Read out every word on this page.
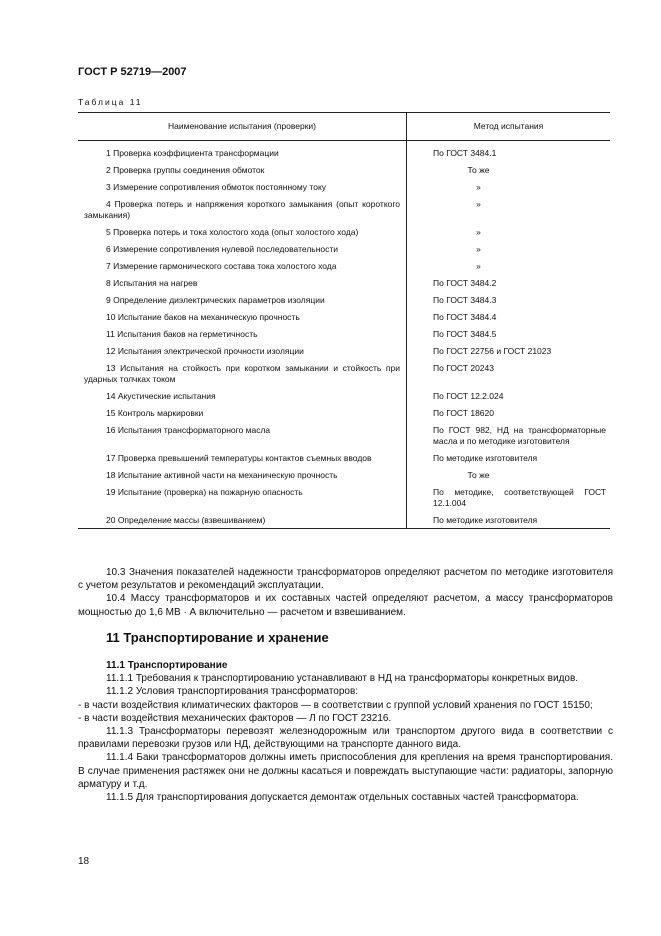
ГОСТ Р 52719—2007
Таблица 11
Наименование испытания (проверки)	Метод испытания
1 Проверка коэффициента трансформации	По ГОСТ 3484.1
2 Проверка группы соединения обмоток	То же
3 Измерение сопротивления обмоток постоянному току	»
4 Проверка потерь и напряжения короткого замыкания (опыт короткого замыкания)	»
5 Проверка потерь и тока холостого хода (опыт холостого хода)	»
6 Измерение сопротивления нулевой последовательности	»
7 Измерение гармонического состава тока холостого хода	»
8 Испытания на нагрев	По ГОСТ 3484.2
9 Определение диэлектрических параметров изоляции	По ГОСТ 3484.3
10 Испытание баков на механическую прочность	По ГОСТ 3484.4
11 Испытания баков на герметичность	По ГОСТ 3484.5
12 Испытания электрической прочности изоляции	По ГОСТ 22756 и ГОСТ 21023
13 Испытания на стойкость при коротком замыкании и стойкость при ударных толчках током	По ГОСТ 20243
14 Акустические испытания	По ГОСТ 12.2.024
15 Контроль маркировки	По ГОСТ 18620
16 Испытания трансформаторного масла	По ГОСТ 982, НД на трансформаторные масла и по методике изготовителя
17 Проверка превышений температуры контактов съемных вводов	По методике изготовителя
18 Испытание активной части на механическую прочность	То же
19 Испытание (проверка) на пожарную опасность	По методике, соответствующей ГОСТ 12.1.004
20 Определение массы (взвешиванием)	По методике изготовителя

10.3 Значения показателей надежности трансформаторов определяют расчетом по методике изготовителя с учетом результатов и рекомендаций эксплуатации.

10.4 Массу трансформаторов и их составных частей определяют расчетом, а массу трансформаторов мощностью до 1,6 MB · А включительно — расчетом и взвешиванием.

11 Транспортирование и хранение

11.1 Транспортирование

11.1.1 Требования к транспортированию устанавливают в НД на трансформаторы конкретных видов.

11.1.2 Условия транспортирования трансформаторов:

- в части воздействия климатических факторов — в соответствии с группой условий хранения по ГОСТ 15150;

- в части воздействия механических факторов — Л по ГОСТ 23216.

11.1.3 Трансформаторы перевозят железнодорожным или транспортом другого вида в соответствии с правилами перевозки грузов или НД, действующими на транспорте данного вида.

11.1.4 Баки трансформаторов должны иметь приспособления для крепления на время транспортирования. В случае применения растяжек они не должны касаться и повреждать выступающие части: радиаторы, запорную арматуру и т.д.

11.1.5 Для транспортирования допускается демонтаж отдельных составных частей трансформатора.

18
